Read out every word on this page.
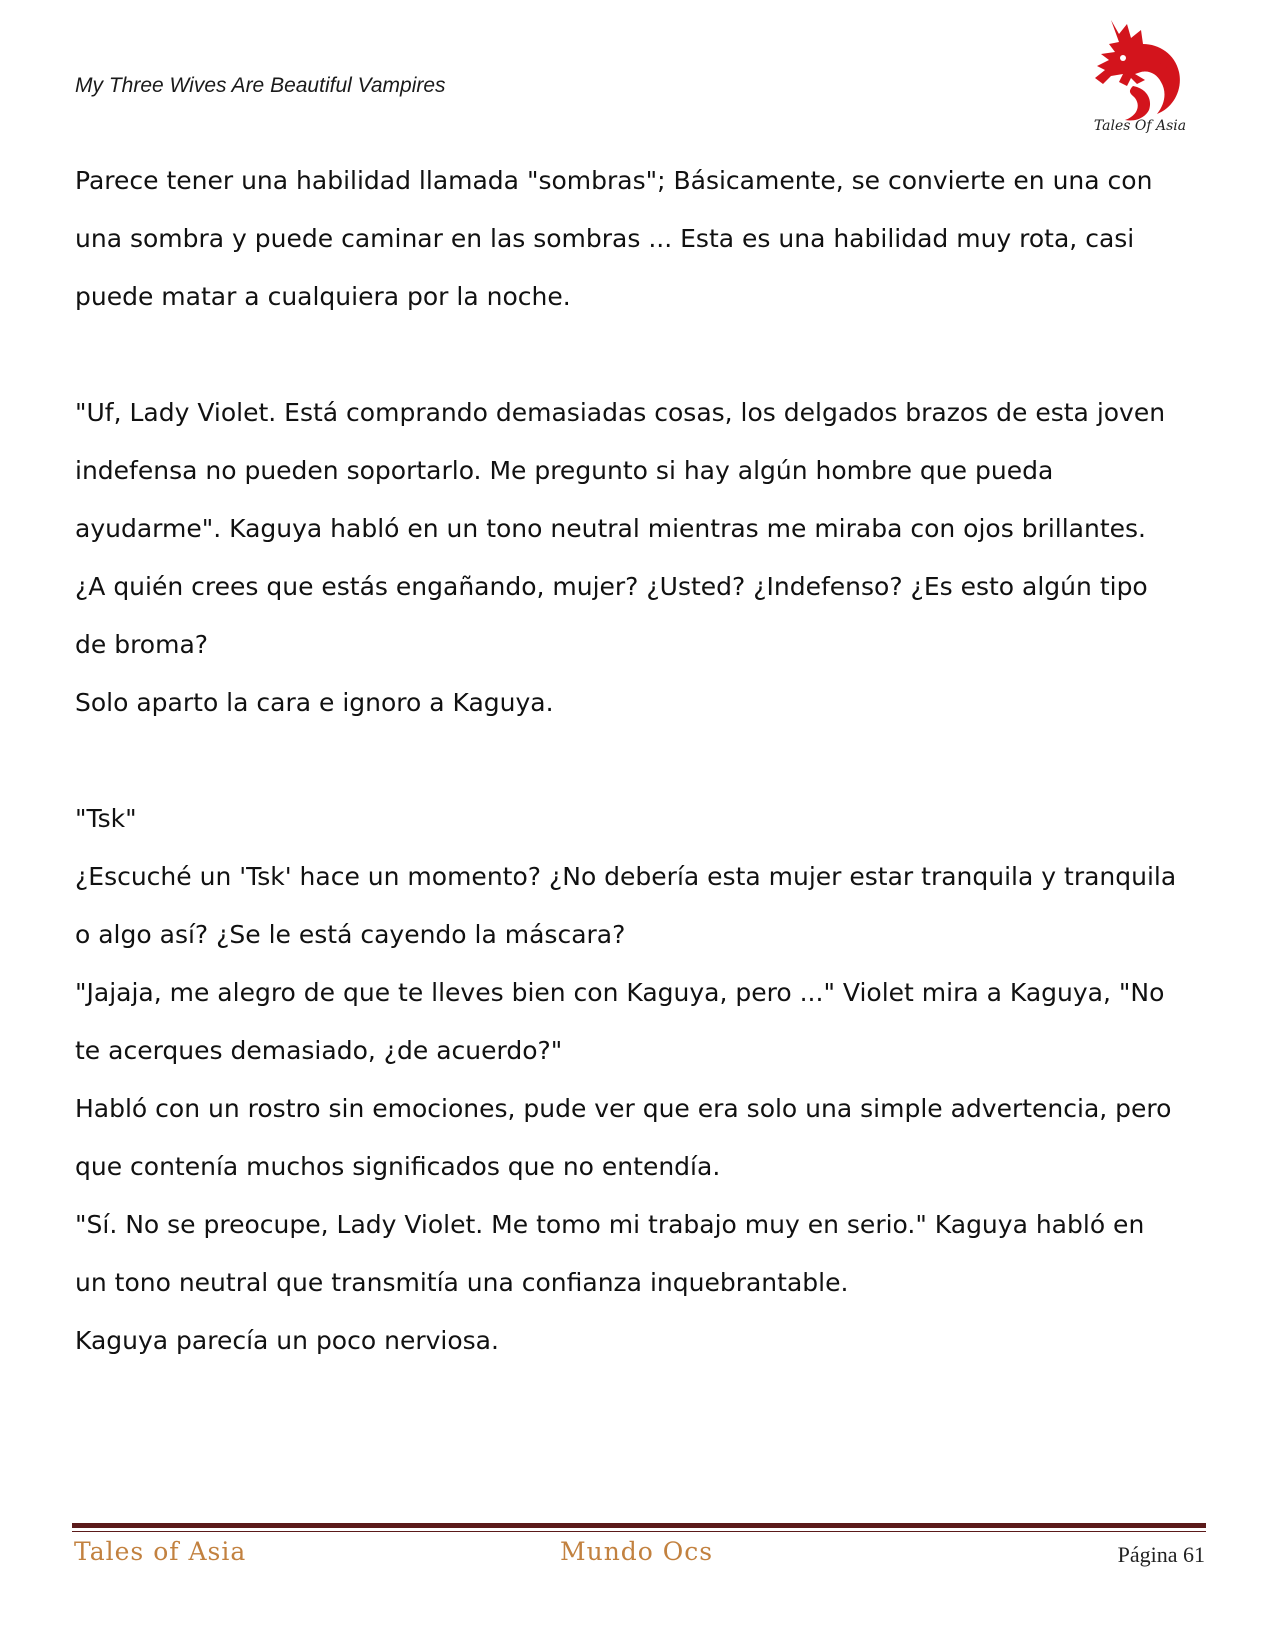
My Three Wives Are Beautiful Vampires
Tales Of Asia

Parece tener una habilidad llamada "sombras"; Básicamente, se convierte en una con

una sombra y puede caminar en las sombras ... Esta es una habilidad muy rota, casi

puede matar a cualquiera por la noche.

"Uf, Lady Violet. Está comprando demasiadas cosas, los delgados brazos de esta joven

indefensa no pueden soportarlo. Me pregunto si hay algún hombre que pueda

ayudarme". Kaguya habló en un tono neutral mientras me miraba con ojos brillantes.

¿A quién crees que estás engañando, mujer? ¿Usted? ¿Indefenso? ¿Es esto algún tipo

de broma?

Solo aparto la cara e ignoro a Kaguya.

"Tsk"

¿Escuché un 'Tsk' hace un momento? ¿No debería esta mujer estar tranquila y tranquila

o algo así? ¿Se le está cayendo la máscara?

"Jajaja, me alegro de que te lleves bien con Kaguya, pero ..." Violet mira a Kaguya, "No

te acerques demasiado, ¿de acuerdo?"

Habló con un rostro sin emociones, pude ver que era solo una simple advertencia, pero

que contenía muchos significados que no entendía.

"Sí. No se preocupe, Lady Violet. Me tomo mi trabajo muy en serio." Kaguya habló en

un tono neutral que transmitía una confianza inquebrantable.

Kaguya parecía un poco nerviosa.

Tales of Asia	Mundo Ocs	Página 61
